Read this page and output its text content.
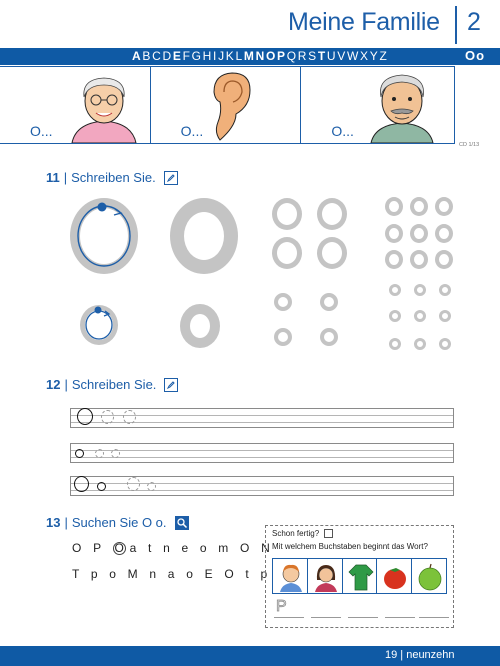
Meine Familie 2
ABCDEFGHIJKLMNOPQRSTUVWXYZ	Oo
O...	O...	O...
CD 1/13
11 | Schreiben Sie.
12 | Schreiben Sie.
13 | Suchen Sie O o.
O P O a t n e o m O N
T p o M n a o E O t p
Schon fertig?
Mit welchem Buchstaben beginnt das Wort?
P
19 | neunzehn
